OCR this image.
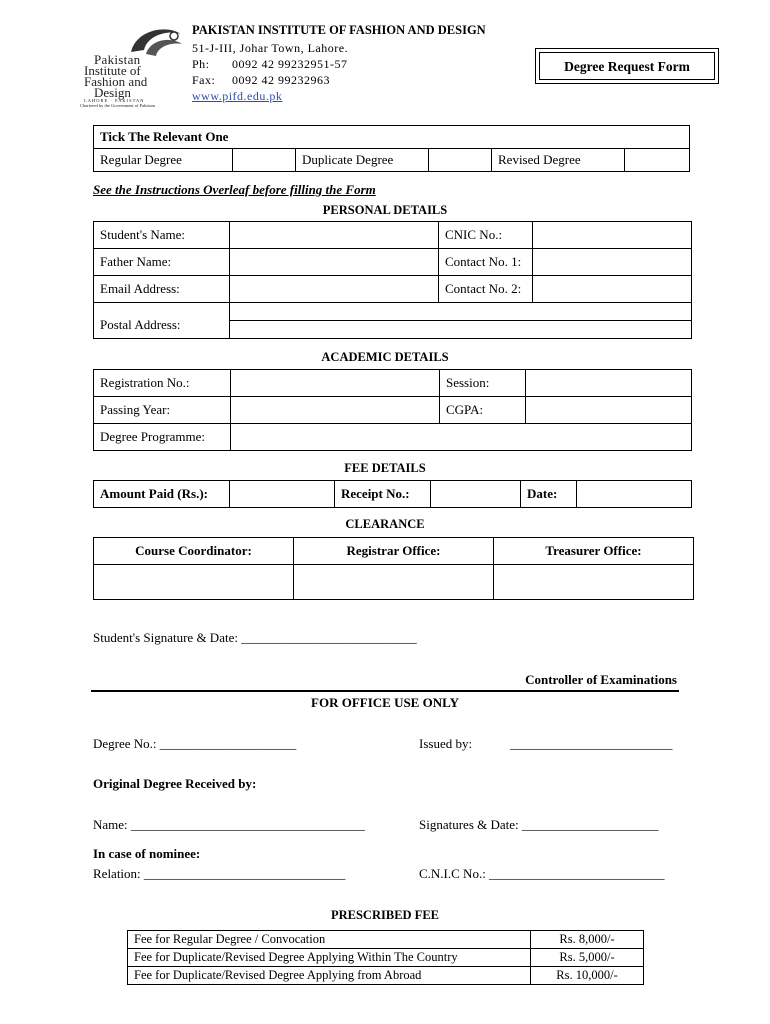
Pakistan
Institute of
Fashion and
Design
LAHORE · PAKISTAN
Chartered by the Government of Pakistan
PAKISTAN INSTITUTE OF FASHION AND DESIGN
51-J-III, Johar Town, Lahore.
Ph: 0092 42 99232951-57
Fax: 0092 42 99232963
www.pifd.edu.pk
Degree Request Form
Tick The Relevant One
Regular Degree		Duplicate Degree		Revised Degree	
See the Instructions Overleaf before filling the Form
PERSONAL DETAILS
Student's Name:		CNIC No.:	
Father Name:		Contact No. 1:	
Email Address:		Contact No. 2:	
Postal Address:			

ACADEMIC DETAILS
Registration No.:		Session:	
Passing Year:		CGPA:	
Degree Programme:			
FEE DETAILS
Amount Paid (Rs.):		Receipt No.:		Date:	
CLEARANCE
Course Coordinator:	Registrar Office:	Treasurer Office:

Student's Signature & Date: ___________________________
Controller of Examinations
FOR OFFICE USE ONLY
Degree No.: _____________________	Issued by:	_________________________
Original Degree Received by:
Name: ____________________________________	Signatures & Date: _____________________
In case of nominee:
Relation: _______________________________	C.N.I.C No.: ___________________________
PRESCRIBED FEE
Fee for Regular Degree / Convocation	Rs. 8,000/-
Fee for Duplicate/Revised Degree Applying Within The Country	Rs. 5,000/-
Fee for Duplicate/Revised Degree Applying from Abroad	Rs. 10,000/-
